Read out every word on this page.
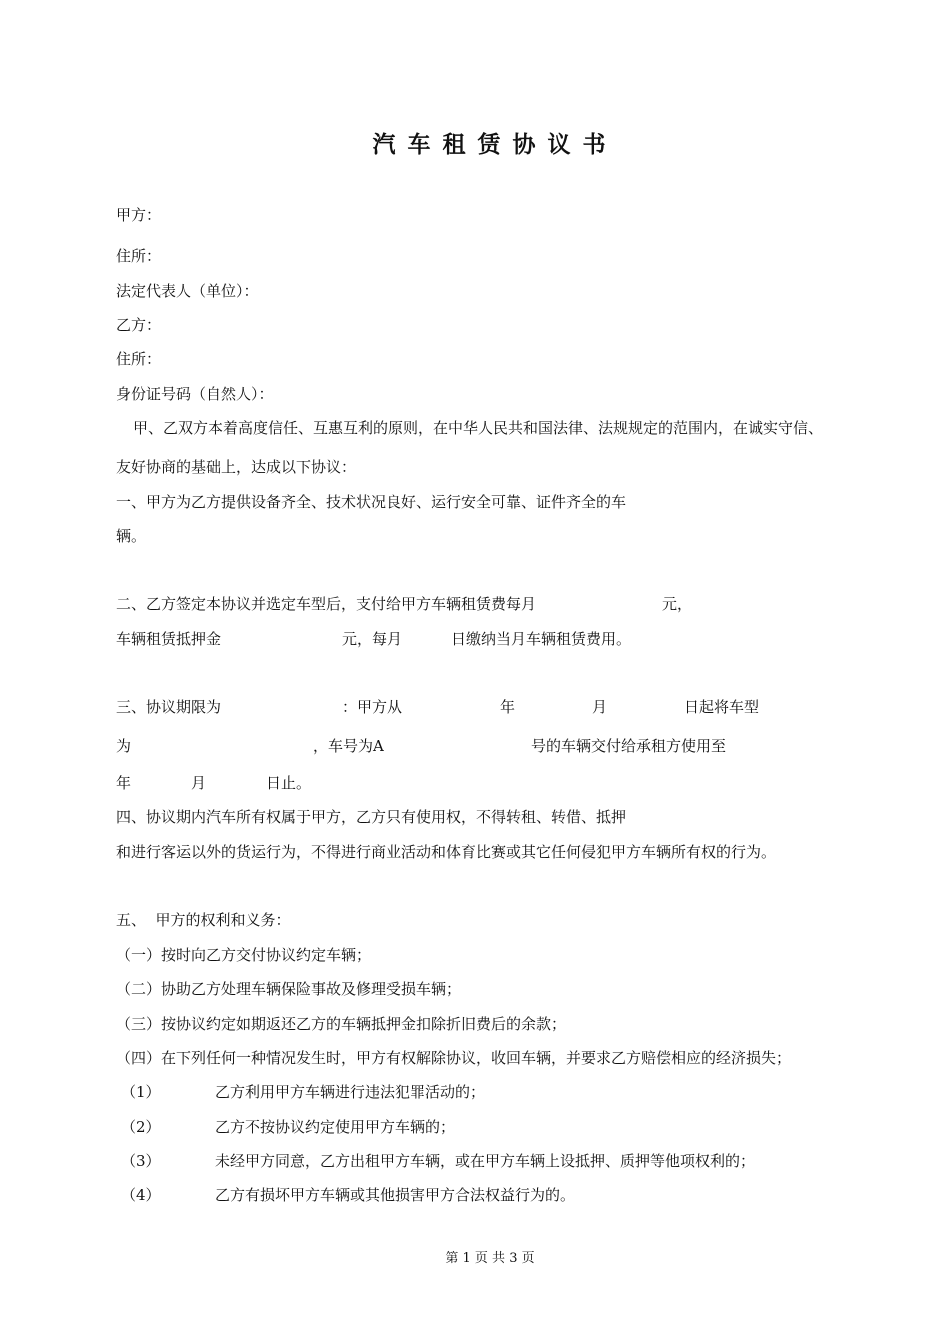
汽车租赁协议书
甲方：
住所：
法定代表人（单位）：
乙方：
住所：
身份证号码（自然人）：
甲、乙双方本着高度信任、互惠互利的原则，在中华人民共和国法律、法规规定的范围内，在诚实守信、
友好协商的基础上，达成以下协议：
一、甲方为乙方提供设备齐全、技术状况良好、运行安全可靠、证件齐全的车
辆。
二、乙方签定本协议并选定车型后，支付给甲方车辆租赁费每月	元，
车辆租赁抵押金	元，每月	日缴纳当月车辆租赁费用。
三、协议期限为	：甲方从	年	月	日起将车型
为	，车号为A	号的车辆交付给承租方使用至
年	月	日止。
四、协议期内汽车所有权属于甲方，乙方只有使用权，不得转租、转借、抵押
和进行客运以外的货运行为，不得进行商业活动和体育比赛或其它任何侵犯甲方车辆所有权的行为。
五、  甲方的权利和义务：
（一）按时向乙方交付协议约定车辆；
（二）协助乙方处理车辆保险事故及修理受损车辆；
（三）按协议约定如期返还乙方的车辆抵押金扣除折旧费后的余款；
（四）在下列任何一种情况发生时，甲方有权解除协议，收回车辆，并要求乙方赔偿相应的经济损失；
（1）	乙方利用甲方车辆进行违法犯罪活动的；
（2）	乙方不按协议约定使用甲方车辆的；
（3）	未经甲方同意，乙方出租甲方车辆，或在甲方车辆上设抵押、质押等他项权利的；
（4）	乙方有损坏甲方车辆或其他损害甲方合法权益行为的。
第 1 页 共 3 页
